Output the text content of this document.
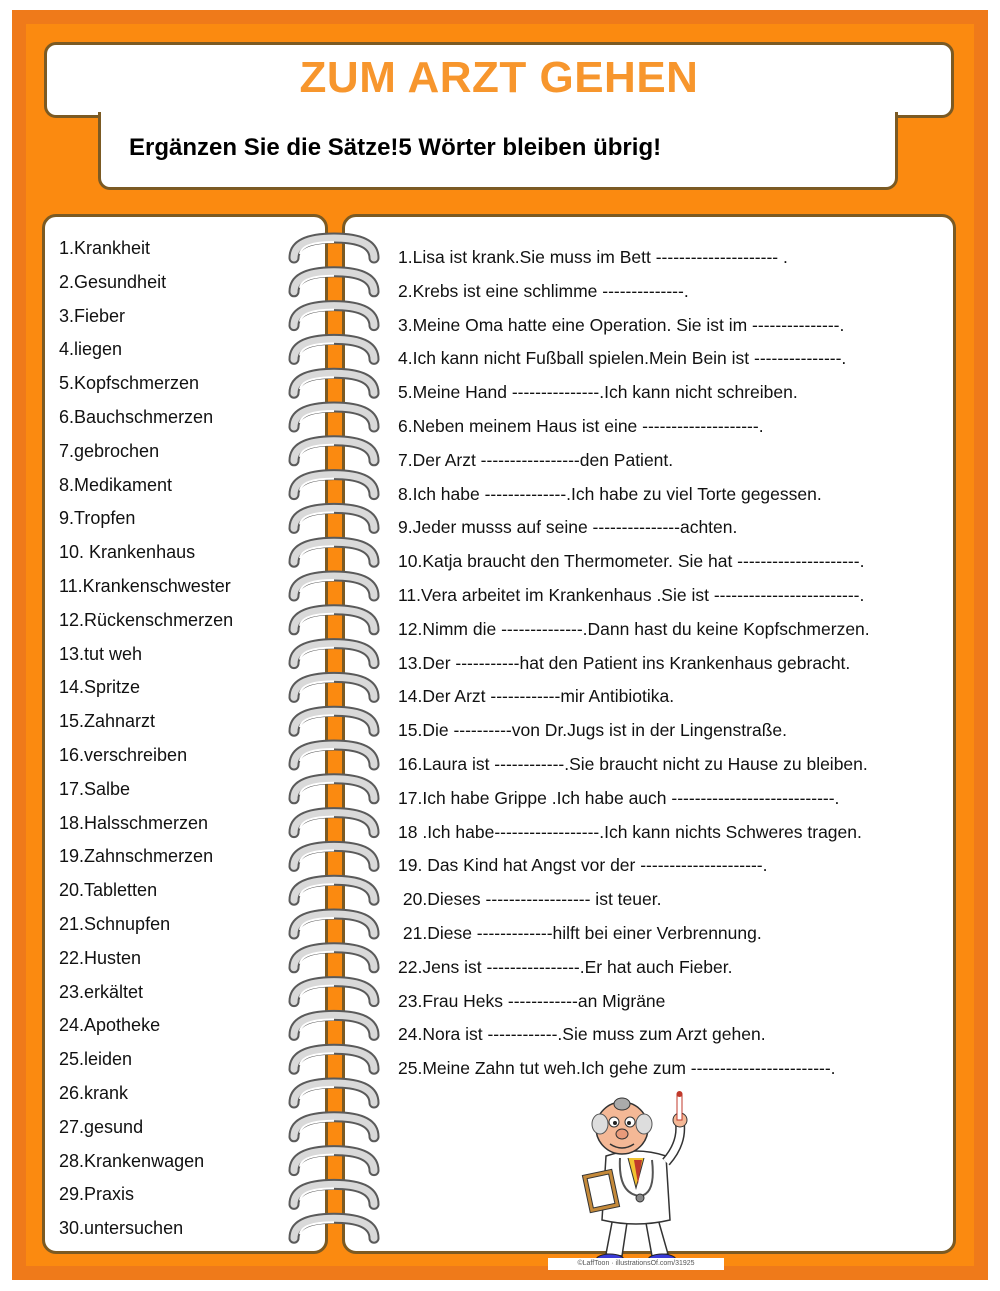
ZUM ARZT GEHEN

Ergänzen Sie die Sätze!5 Wörter bleiben übrig!

1.Krankheit
2.Gesundheit
3.Fieber
4.liegen
5.Kopfschmerzen
6.Bauchschmerzen
7.gebrochen
8.Medikament
9.Tropfen
10. Krankenhaus
11.Krankenschwester
12.Rückenschmerzen
13.tut weh
14.Spritze
15.Zahnarzt
16.verschreiben
17.Salbe
18.Halsschmerzen
19.Zahnschmerzen
20.Tabletten
21.Schnupfen
22.Husten
23.erkältet
24.Apotheke
25.leiden
26.krank
27.gesund
28.Krankenwagen
29.Praxis
30.untersuchen
1.Lisa ist krank.Sie muss im Bett --------------------- .
2.Krebs ist eine schlimme --------------.
3.Meine Oma hatte eine Operation. Sie ist im ---------------.
4.Ich kann nicht Fußball spielen.Mein Bein ist ---------------.
5.Meine Hand ---------------.Ich kann nicht schreiben.
6.Neben meinem Haus ist eine --------------------.
7.Der Arzt -----------------den Patient.
8.Ich habe --------------.Ich habe zu viel Torte gegessen.
9.Jeder musss auf seine ---------------achten.
10.Katja braucht den Thermometer. Sie hat ---------------------.
11.Vera arbeitet im Krankenhaus .Sie ist -------------------------.
12.Nimm die --------------.Dann hast du keine Kopfschmerzen.
13.Der -----------hat den Patient ins Krankenhaus gebracht.
14.Der Arzt ------------mir Antibiotika.
15.Die ----------von Dr.Jugs ist in der Lingenstraße.
16.Laura ist ------------.Sie braucht nicht zu Hause zu bleiben.
17.Ich habe Grippe .Ich habe auch ----------------------------.
18 .Ich habe------------------.Ich kann nichts Schweres tragen.
19. Das Kind hat Angst vor der ---------------------.
20.Dieses ------------------ ist teuer.
21.Diese -------------hilft bei einer Verbrennung.
22.Jens ist ----------------.Er hat auch Fieber.
23.Frau Heks ------------an Migräne
24.Nora ist ------------.Sie muss zum Arzt gehen.
25.Meine Zahn tut weh.Ich gehe zum ------------------------.
©LaffToon · illustrationsOf.com/31925
